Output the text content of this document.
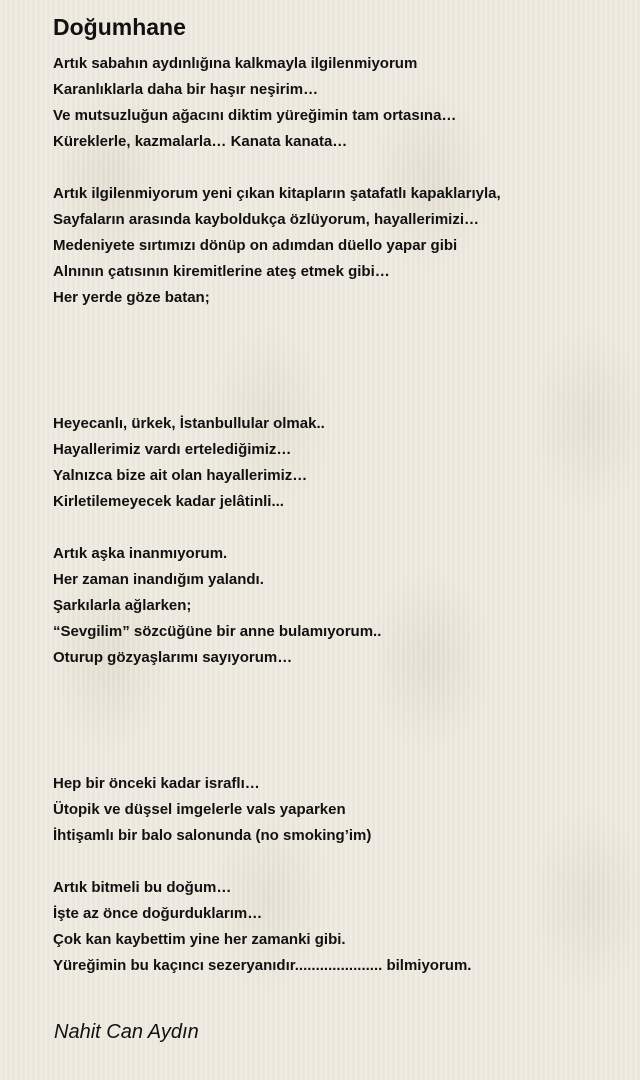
Doğumhane
Artık sabahın aydınlığına kalkmayla ilgilenmiyorum
Karanlıklarla daha bir haşır neşirim…
Ve mutsuzluğun ağacını diktim yüreğimin tam ortasına…
Küreklerle, kazmalarla… Kanata kanata…
Artık ilgilenmiyorum yeni çıkan kitapların şatafatlı kapaklarıyla,
Sayfaların arasında kayboldukça özlüyorum, hayallerimizi…
Medeniyete sırtımızı dönüp on adımdan düello yapar gibi
Alnının çatısının kiremitlerine ateş etmek gibi…
Her yerde göze batan;
Heyecanlı, ürkek, İstanbullular olmak..
Hayallerimiz vardı ertelediğimiz…
Yalnızca bize ait olan hayallerimiz…
Kirletilemeyecek kadar jelâtinli...
Artık aşka inanmıyorum.
Her zaman inandığım yalandı.
Şarkılarla ağlarken;
“Sevgilim” sözcüğüne bir anne bulamıyorum..
Oturup gözyaşlarımı sayıyorum…
Hep bir önceki kadar israflı…
Ütopik ve düşsel imgelerle vals yaparken
İhtişamlı bir balo salonunda (no smoking’im)
Artık bitmeli bu doğum…
İşte az önce doğurduklarım…
Çok kan kaybettim yine her zamanki gibi.
Yüreğimin bu kaçıncı sezeryanıdır..................... bilmiyorum.
Nahit Can Aydın
